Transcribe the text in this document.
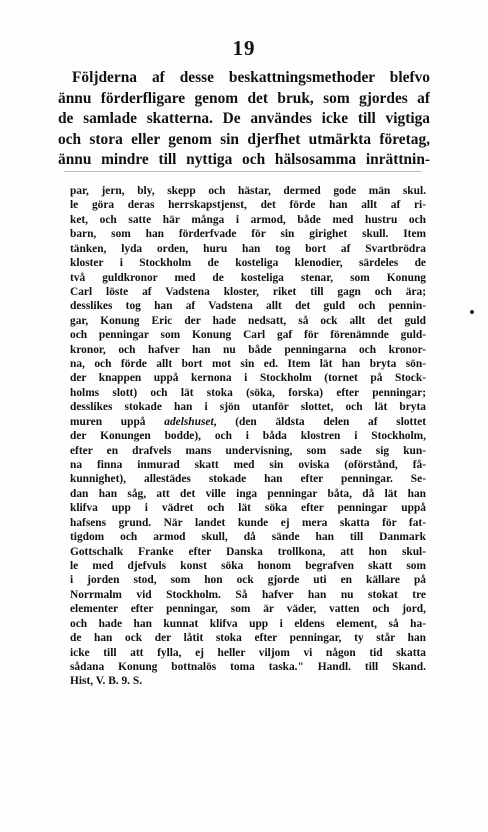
19
Följderna af desse beskattningsmethoder blefvo
ännu förderfligare genom det bruk, som gjordes af
de samlade skatterna. De användes icke till vigtiga
och stora eller genom sin djerfhet utmärkta företag,
ännu mindre till nyttiga och hälsosamma inrättnin-
par, jern, bly, skepp och hästar, dermed gode män skul.
le göra deras herrskapstjenst, det förde han allt af ri-
ket, och satte här många i armod, både med hustru och
barn, som han förderfvade för sin girighet skull. Item
tänken, lyda orden, huru han tog bort af Svartbrödra
kloster i Stockholm de kosteliga klenodier, särdeles de
två guldkronor med de kosteliga stenar, som Konung
Carl löste af Vadstena kloster, riket till gagn och ära;
desslikes tog han af Vadstena allt det guld och pennin-
gar, Konung Eric der hade nedsatt, så ock allt det guld
och penningar som Konung Carl gaf för förenämnde guld-
kronor, och hafver han nu både penningarna och kronor-
na, och förde allt bort mot sin ed. Item lät han bryta sön-
der knappen uppå kernona i Stockholm (tornet på Stock-
holms slott) och lät stoka (söka, forska) efter penningar;
desslikes stokade han i sjön utanför slottet, och lät bryta
muren uppå adelshuset, (den äldsta delen af slottet
der Konungen bodde), och i båda klostren i Stockholm,
efter en drafvels mans undervisning, som sade sig kun-
na finna inmurad skatt med sin oviska (oförstånd, få-
kunnighet), allestädes stokade han efter penningar. Se-
dan han såg, att det ville inga penningar båta, då lät han
klifva upp i vädret och lät söka efter penningar uppå
hafsens grund. När landet kunde ej mera skatta för fat-
tigdom och armod skull, då sände han till Danmark
Gottschalk Franke efter Danska trollkona, att hon skul-
le med djefvuls konst söka honom begrafven skatt som
i jorden stod, som hon ock gjorde uti en källare på
Norrmalm vid Stockholm. Så hafver han nu stokat tre
elementer efter penningar, som är väder, vatten och jord,
och hade han kunnat klifva upp i eldens element, så ha-
de han ock der låtit stoka efter penningar, ty står han
icke till att fylla, ej heller viljom vi någon tid skatta
sådana Konung bottnalös toma taska." Handl. till Skand.
Hist, V. B. 9. S.
